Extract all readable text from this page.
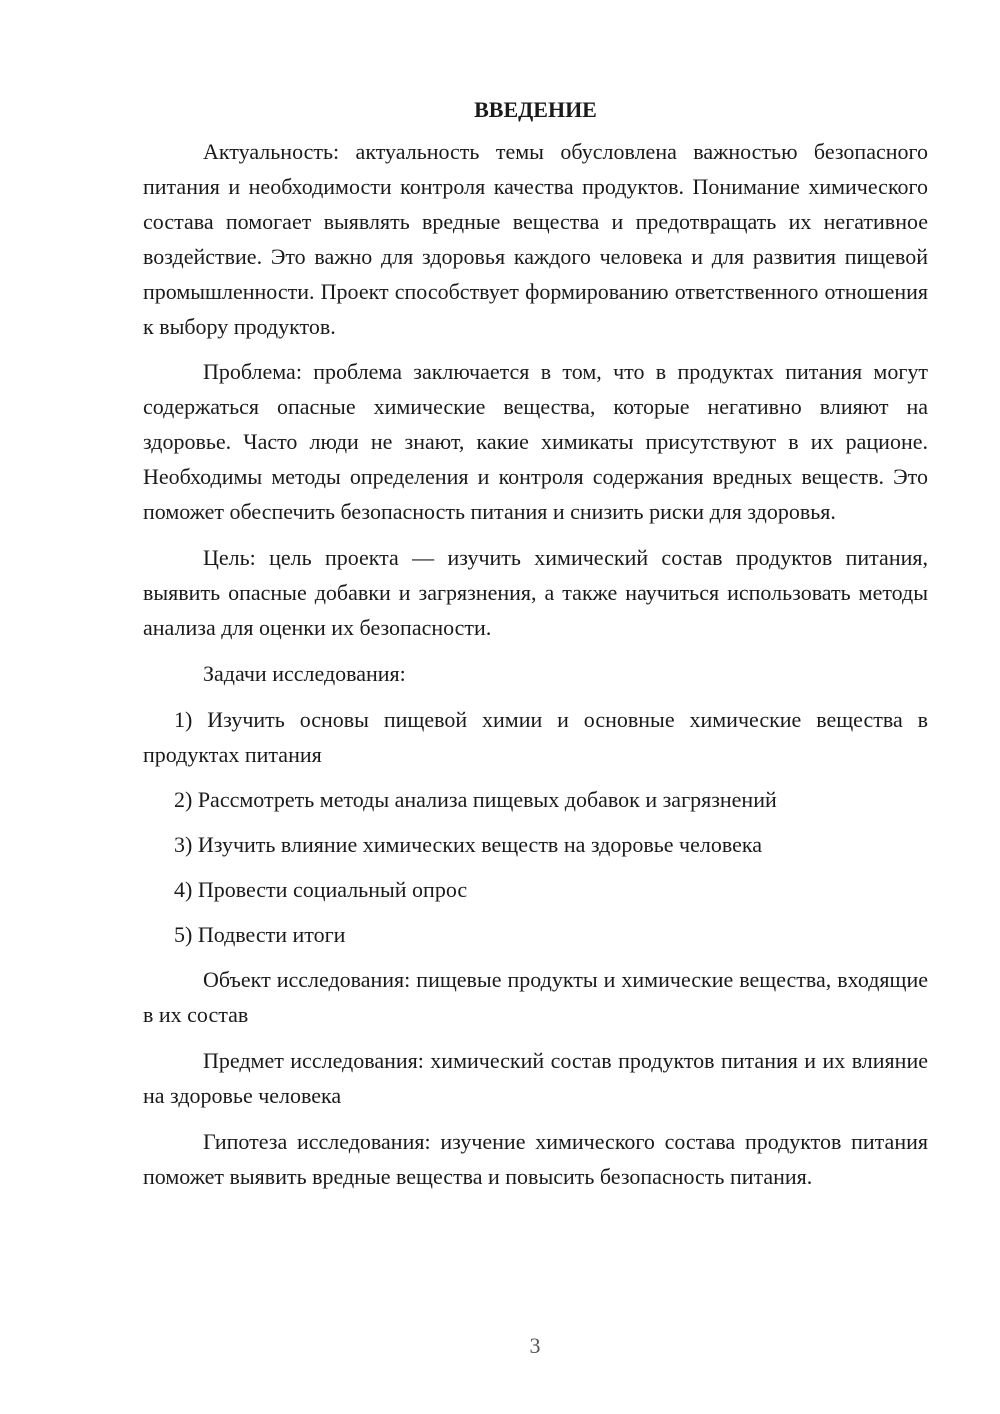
ВВЕДЕНИЕ

Актуальность: актуальность темы обусловлена важностью безопасного питания и необходимости контроля качества продуктов. Понимание химического состава помогает выявлять вредные вещества и предотвращать их негативное воздействие. Это важно для здоровья каждого человека и для развития пищевой промышленности. Проект способствует формированию ответственного отношения к выбору продуктов.

Проблема: проблема заключается в том, что в продуктах питания могут содержаться опасные химические вещества, которые негативно влияют на здоровье. Часто люди не знают, какие химикаты присутствуют в их рационе. Необходимы методы определения и контроля содержания вредных веществ. Это поможет обеспечить безопасность питания и снизить риски для здоровья.

Цель: цель проекта — изучить химический состав продуктов питания, выявить опасные добавки и загрязнения, а также научиться использовать методы анализа для оценки их безопасности.

Задачи исследования:

1) Изучить основы пищевой химии и основные химические вещества в продуктах питания

2) Рассмотреть методы анализа пищевых добавок и загрязнений

3) Изучить влияние химических веществ на здоровье человека

4) Провести социальный опрос

5) Подвести итоги

Объект исследования: пищевые продукты и химические вещества, входящие в их состав

Предмет исследования: химический состав продуктов питания и их влияние на здоровье человека

Гипотеза исследования: изучение химического состава продуктов питания поможет выявить вредные вещества и повысить безопасность питания.

3
